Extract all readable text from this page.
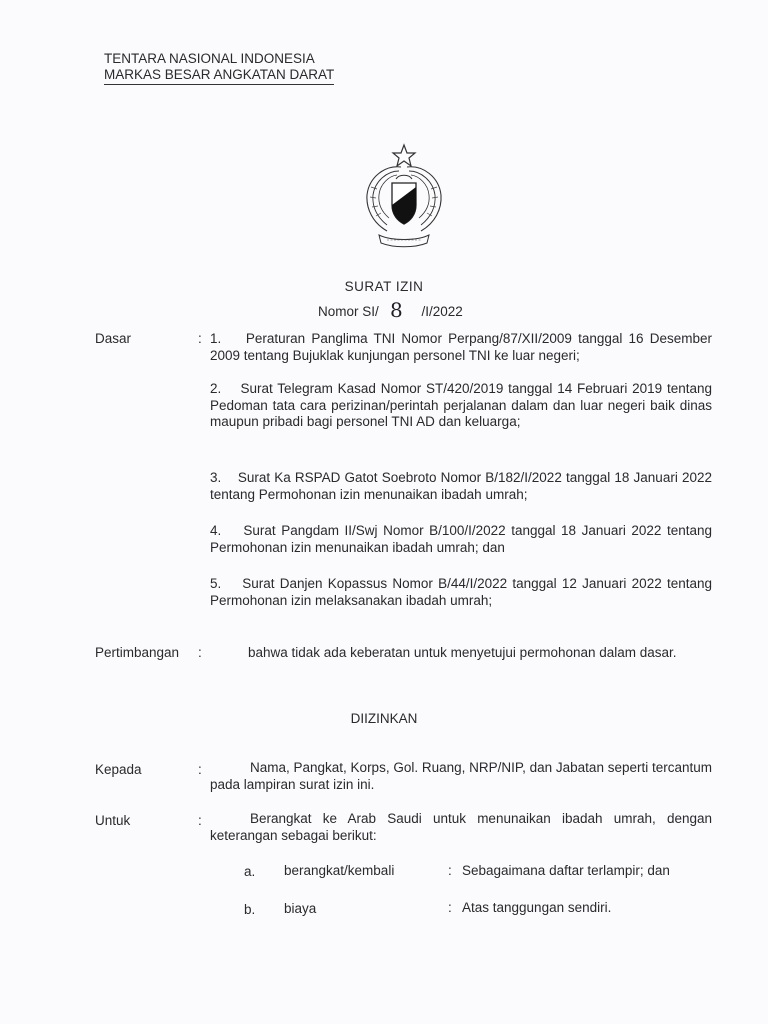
TENTARA NASIONAL INDONESIA
MARKAS BESAR ANGKATAN DARAT
SURAT IZIN
Nomor SI/ 8 /I/2022
Dasar	: 1. Peraturan Panglima TNI Nomor Perpang/87/XII/2009 tanggal 16 Desember 2009 tentang Bujuklak kunjungan personel TNI ke luar negeri;
2. Surat Telegram Kasad Nomor ST/420/2019 tanggal 14 Februari 2019 tentang Pedoman tata cara perizinan/perintah perjalanan dalam dan luar negeri baik dinas maupun pribadi bagi personel TNI AD dan keluarga;
3. Surat Ka RSPAD Gatot Soebroto Nomor B/182/I/2022 tanggal 18 Januari 2022 tentang Permohonan izin menunaikan ibadah umrah;
4. Surat Pangdam II/Swj Nomor B/100/I/2022 tanggal 18 Januari 2022 tentang Permohonan izin menunaikan ibadah umrah; dan
5. Surat Danjen Kopassus Nomor B/44/I/2022 tanggal 12 Januari 2022 tentang Permohonan izin melaksanakan ibadah umrah;
Pertimbangan :	bahwa tidak ada keberatan untuk menyetujui permohonan dalam dasar.
DIIZINKAN
Kepada	:	Nama, Pangkat, Korps, Gol. Ruang, NRP/NIP, dan Jabatan seperti tercantum pada lampiran surat izin ini.
Untuk	:	Berangkat ke Arab Saudi untuk menunaikan ibadah umrah, dengan keterangan sebagai berikut:
a. berangkat/kembali	: Sebagaimana daftar terlampir; dan
b. biaya	: Atas tanggungan sendiri.
